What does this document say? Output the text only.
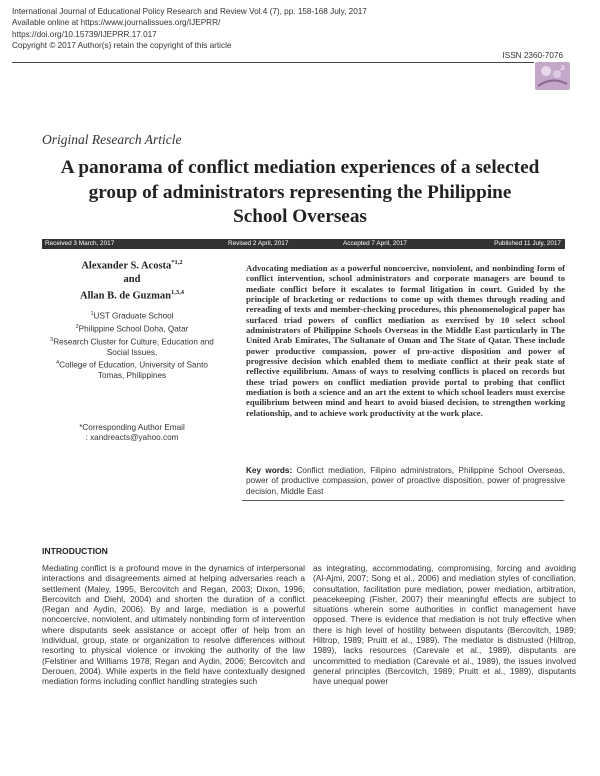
International Journal of Educational Policy Research and Review Vol.4 (7), pp. 158-168 July, 2017
Available online at https://www.journalissues.org/IJEPRR/
https://doi.org/10.15739/IJEPRR.17.017
Copyright © 2017 Author(s) retain the copyright of this article
ISSN 2360-7076
JI
Original Research Article
A panorama of conflict mediation experiences of a selected group of administrators representing the Philippine School Overseas
Received 3 March, 2017	Revised 2 April, 2017	Accepted 7 April, 2017	Published 11 July, 2017
Alexander S. Acosta$^{*1,2}$
and
Allan B. de Guzman$^{1,3,4}$
$^1$UST Graduate School
$^2$Philippine School Doha, Qatar
$^3$Research Cluster for Culture, Education and Social Issues,
$^4$College of Education, University of Santo Tomas, Philippines
*Corresponding Author Email
: xandreacts@yahoo.com
Advocating mediation as a powerful noncoercive, nonviolent, and nonbinding form of conflict intervention, school administrators and corporate managers are bound to mediate conflict before it escalates to formal litigation in court. Guided by the principle of bracketing or reductions to come up with themes through reading and rereading of texts and member-checking procedures, this phenomenological paper has surfaced triad powers of conflict mediation as exercised by 10 select school administrators of Philippine Schools Overseas in the Middle East particularly in The United Arab Emirates, The Sultanate of Oman and The State of Qatar. These include power productive compassion, power of pro-active disposition and power of progressive decision which enabled them to mediate conflict at their peak state of reflective equilibrium. Amass of ways to resolving conflicts is placed on records but these triad powers on conflict mediation provide portal to probing that conflict mediation is both a science and an art the extent to which school leaders must exercise equilibrium between mind and heart to avoid biased decision, to strengthen working relationship, and to achieve work productivity at the work place.
Key words: Conflict mediation, Filipino administrators, Philippine School Overseas, power of productive compassion, power of proactive disposition, power of progressive decision, Middle East
INTRODUCTION
Mediating conflict is a profound move in the dynamics of interpersonal interactions and disagreements aimed at helping adversaries reach a settlement (Maley, 1995, Bercovitch and Regan, 2003; Dixon, 1996; Bercovitch and Diehl, 2004) and shorten the duration of a conflict (Regan and Aydin, 2006). By and large, mediation is a powerful noncoercive, nonviolent, and ultimately nonbinding form of intervention where disputants seek assistance or accept offer of help from an individual, group, state or organization to resolve differences without resorting to physical violence or invoking the authority of the law (Felstiner and Williams 1978, Regan and Aydin, 2006; Bercovitch and Derouen, 2004). While experts in the field have contextually designed mediation forms including conflict handling strategies such
as integrating, accommodating, compromising, forcing and avoiding (Al-Ajmi, 2007; Song et al., 2006) and mediation styles of conciliation, consultation, facilitation pure mediation, power mediation, arbitration, peacekeeping (Fisher, 2007) their meaningful effects are subject to situations wherein some authorities in conflict management have opposed. There is evidence that mediation is not truly effective when there is high level of hostility between disputants (Bercovitch, 1989; Hiltrop, 1989; Pruitt et al., 1989). The mediator is distrusted (Hiltrop, 1989), lacks resources (Carevale et al., 1989), disputants are uncommitted to mediation (Carevale et al., 1989), the issues involved general principles (Bercovitch, 1989; Pruitt et al., 1989), disputants have unequal power
